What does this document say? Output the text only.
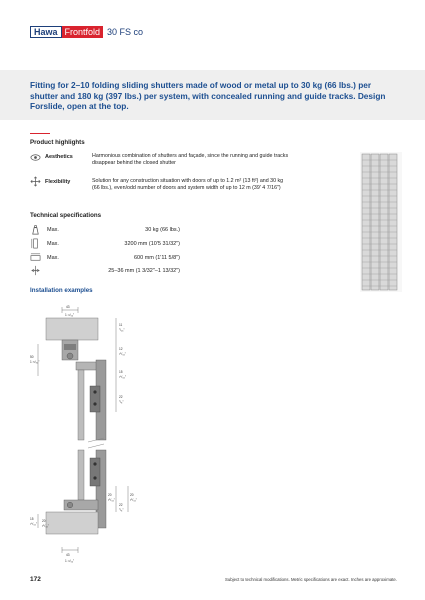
Hawa Frontfold 30 FS co
Fitting for 2–10 folding sliding shutters made of wood or metal up to 30 kg (66 lbs.) per shutter and 180 kg (397 lbs.) per system, with concealed running and guide tracks. Design Forslide, open at the top.
Product highlights
Aesthetics	Harmonious combination of shutters and façade, since the running and guide tracks disappear behind the closed shutter
Flexibility	Solution for any construction situation with doors of up to 1.2 m² (13 ft²) and 30 kg (66 lbs.), even/odd number of doors and system width of up to 12 m (39' 4 7/16")
Technical specifications
Max.	30 kg (66 lbs.)
Max.	3200 mm (10'5 31/32")
Max.	600 mm (1'11 5/8")
25–36 mm (1 3/32"–1 13/32")
Installation examples
43
1 ¹¹/₁₆"
11
⁷/₁₆"
50
1 ³¹/₃₂"
12
¹⁵/₃₂"
15
¹⁹/₃₂"
22
⁷/₈"
20
²⁵/₃₂"
20
²⁵/₃₂"
22
⁷/₈"
15
¹⁹/₃₂"
20
²⁵/₃₂"
43
1 ¹¹/₁₆"
172	Subject to technical modifications. Metric specifications are exact. Inches are approximate.
